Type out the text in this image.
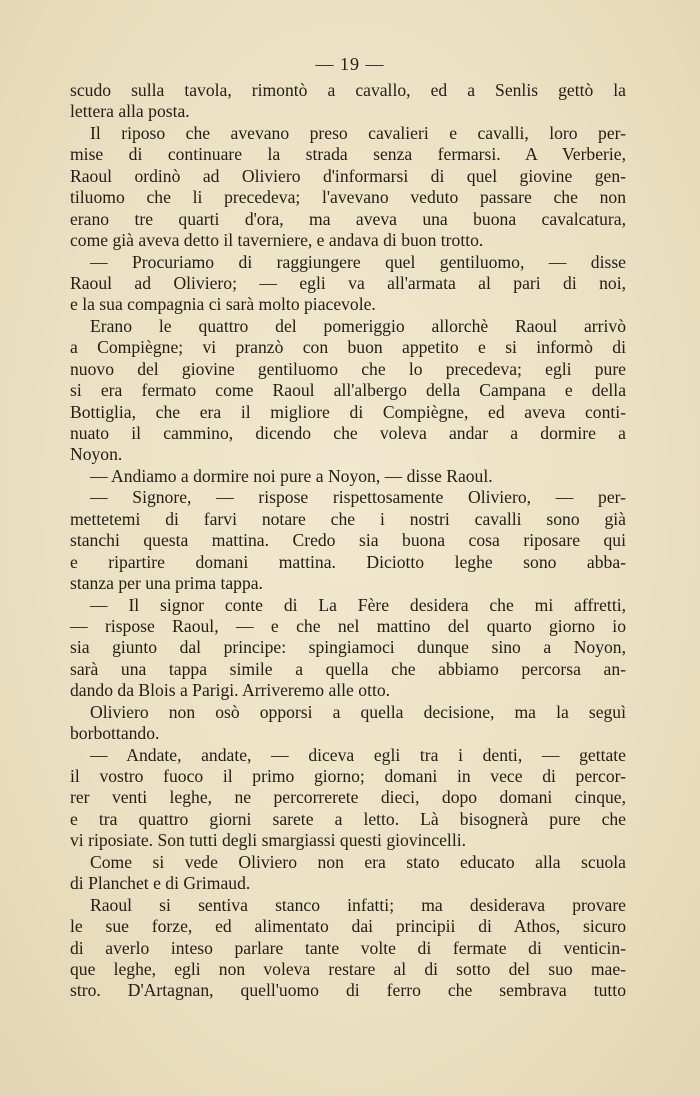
— 19 —
scudo sulla tavola, rimontò a cavallo, ed a Senlis gettò la
lettera alla posta.
Il riposo che avevano preso cavalieri e cavalli, loro per-
mise di continuare la strada senza fermarsi. A Verberie,
Raoul ordinò ad Oliviero d'informarsi di quel giovine gen-
tiluomo che li precedeva; l'avevano veduto passare che non
erano tre quarti d'ora, ma aveva una buona cavalcatura,
come già aveva detto il taverniere, e andava di buon trotto.
— Procuriamo di raggiungere quel gentiluomo, — disse
Raoul ad Oliviero; — egli va all'armata al pari di noi,
e la sua compagnia ci sarà molto piacevole.
Erano le quattro del pomeriggio allorchè Raoul arrivò
a Compiègne; vi pranzò con buon appetito e si informò di
nuovo del giovine gentiluomo che lo precedeva; egli pure
si era fermato come Raoul all'albergo della Campana e della
Bottiglia, che era il migliore di Compiègne, ed aveva conti-
nuato il cammino, dicendo che voleva andar a dormire a
Noyon.
— Andiamo a dormire noi pure a Noyon, — disse Raoul.
— Signore, — rispose rispettosamente Oliviero, — per-
mettetemi di farvi notare che i nostri cavalli sono già
stanchi questa mattina. Credo sia buona cosa riposare qui
e ripartire domani mattina. Diciotto leghe sono abba-
stanza per una prima tappa.
— Il signor conte di La Fère desidera che mi affretti,
— rispose Raoul, — e che nel mattino del quarto giorno io
sia giunto dal principe: spingiamoci dunque sino a Noyon,
sarà una tappa simile a quella che abbiamo percorsa an-
dando da Blois a Parigi. Arriveremo alle otto.
Oliviero non osò opporsi a quella decisione, ma la seguì
borbottando.
— Andate, andate, — diceva egli tra i denti, — gettate
il vostro fuoco il primo giorno; domani in vece di percor-
rer venti leghe, ne percorrerete dieci, dopo domani cinque,
e tra quattro giorni sarete a letto. Là bisognerà pure che
vi riposiate. Son tutti degli smargiassi questi giovincelli.
Come si vede Oliviero non era stato educato alla scuola
di Planchet e di Grimaud.
Raoul si sentiva stanco infatti; ma desiderava provare
le sue forze, ed alimentato dai principii di Athos, sicuro
di averlo inteso parlare tante volte di fermate di venticin-
que leghe, egli non voleva restare al di sotto del suo mae-
stro. D'Artagnan, quell'uomo di ferro che sembrava tutto
